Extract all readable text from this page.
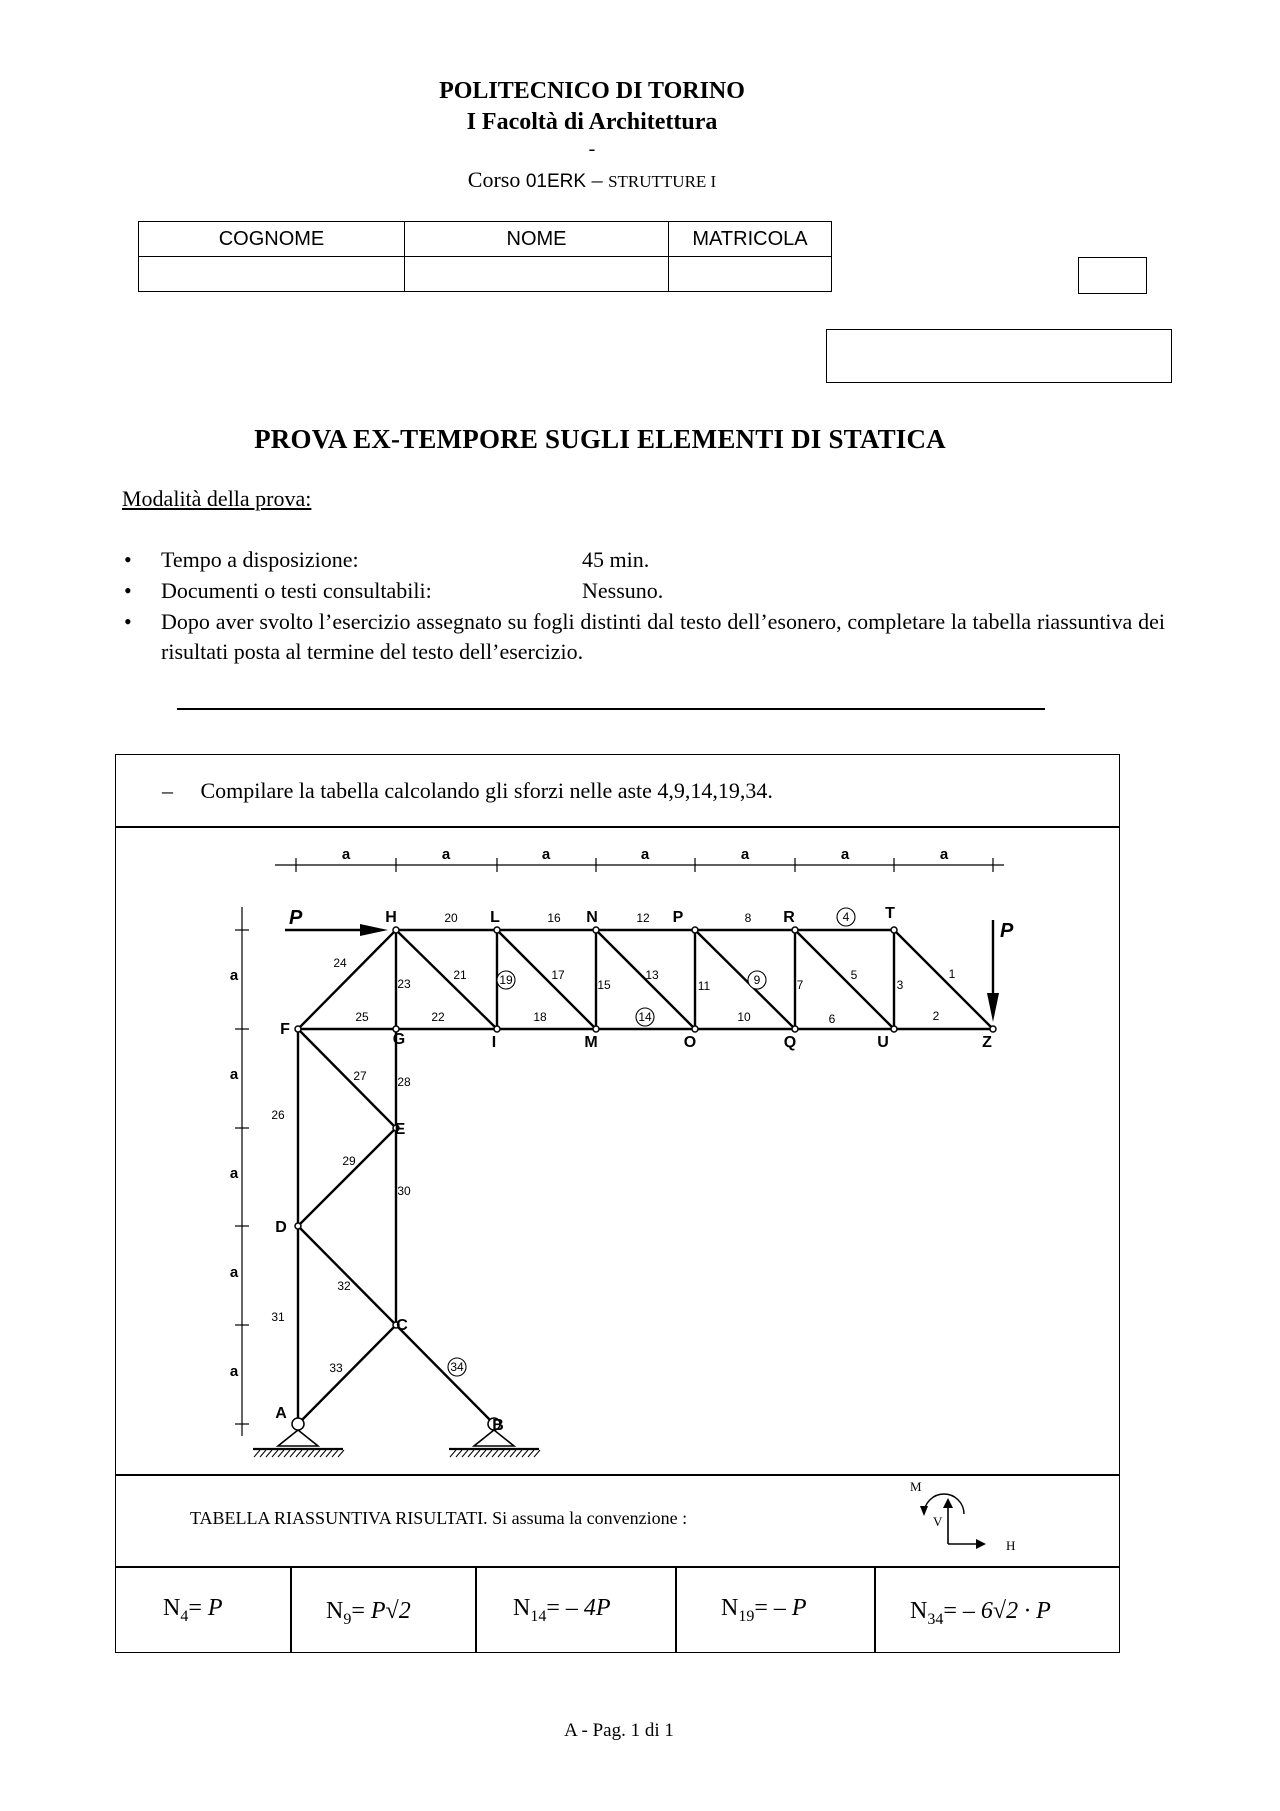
POLITECNICO DI TORINO
I Facoltà di Architettura
-
Corso 01ERK – STRUTTURE I
COGNOME	NOME	MATRICOLA

PROVA EX-TEMPORE SUGLI ELEMENTI DI STATICA
Modalità della prova:
• Tempo a disposizione:	45 min.
• Documenti o testi consultabili:	Nessuno.
• Dopo aver svolto l’esercizio assegnato su fogli distinti dal testo dell’esonero, completare la tabella riassuntiva dei risultati posta al termine del testo dell’esercizio.
– Compilare la tabella calcolando gli sforzi nelle aste 4,9,14,19,34.
a	a	a	a	a	a	a
a
a
a
a
a
1
2
3
4
5
6
7
8
9
10
11
12
13
14
15
16
17
18
19
20
21
22
23
24
25
26
27	28
29
30
31
32
33	34
A
B
C
D
E
F
G
H
I
L
M
N
O
P
Q
R	T
U	Z
P
P
TABELLA RIASSUNTIVA RISULTATI. Si assuma la convenzione :
M
V
H
$N_4= P$	$N_9= P√2$	$N_{14}= - 4P$	$N_{19}= - P$	$N_{34}= - 6√2 \cdot P$
A - Pag. 1 di 1
